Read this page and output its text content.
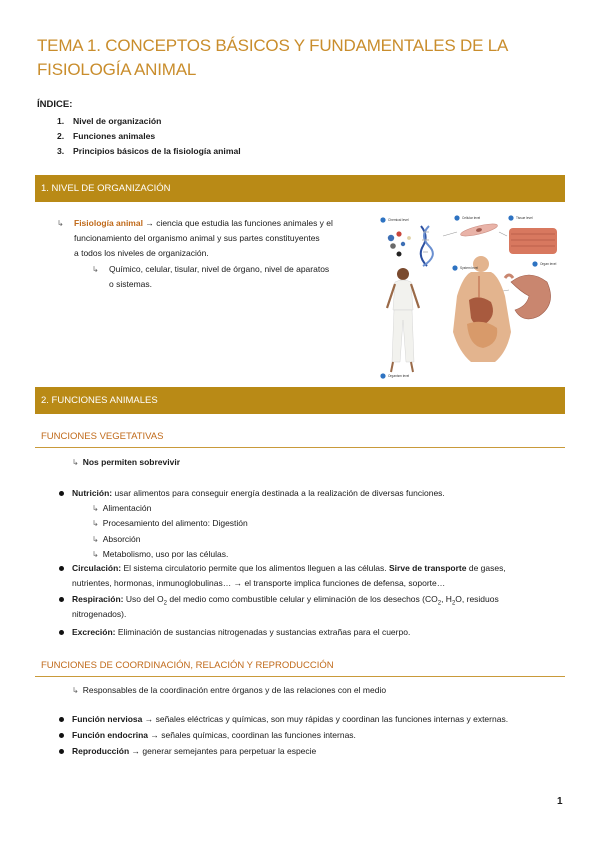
TEMA 1. CONCEPTOS BÁSICOS Y FUNDAMENTALES DE LA FISIOLOGÍA ANIMAL
ÍNDICE:
1. Nivel de organización
2. Funciones animales
3. Principios básicos de la fisiología animal
1. NIVEL DE ORGANIZACIÓN
↳	Fisiología animal → ciencia que estudia las funciones animales y el
funcionamiento del organismo animal y sus partes constituyentes
a todos los niveles de organización.
↳	Químico, celular, tisular, nivel de órgano, nivel de aparatos
o sistemas.
Chemical level	Cellular level	Tissue level
Organ level
System level
Organism level
2. FUNCIONES ANIMALES
FUNCIONES VEGETATIVAS
↳ Nos permiten sobrevivir
Nutrición: usar alimentos para conseguir energía destinada a la realización de diversas funciones.
↳ Alimentación
↳ Procesamiento del alimento: Digestión
↳ Absorción
↳ Metabolismo, uso por las células.
Circulación: El sistema circulatorio permite que los alimentos lleguen a las células. Sirve de transporte de gases,
nutrientes, hormonas, inmunoglobulinas… → el transporte implica funciones de defensa, soporte…
Respiración: Uso del $O_2$ del medio como combustible celular y eliminación de los desechos ($CO_2$, $H_2O$, residuos
nitrogenados).
Excreción: Eliminación de sustancias nitrogenadas y sustancias extrañas para el cuerpo.
FUNCIONES DE COORDINACIÓN, RELACIÓN Y REPRODUCCIÓN
↳ Responsables de la coordinación entre órganos y de las relaciones con el medio
Función nerviosa → señales eléctricas y químicas, son muy rápidas y coordinan las funciones internas y externas.
Función endocrina → señales químicas, coordinan las funciones internas.
Reproducción → generar semejantes para perpetuar la especie
1
